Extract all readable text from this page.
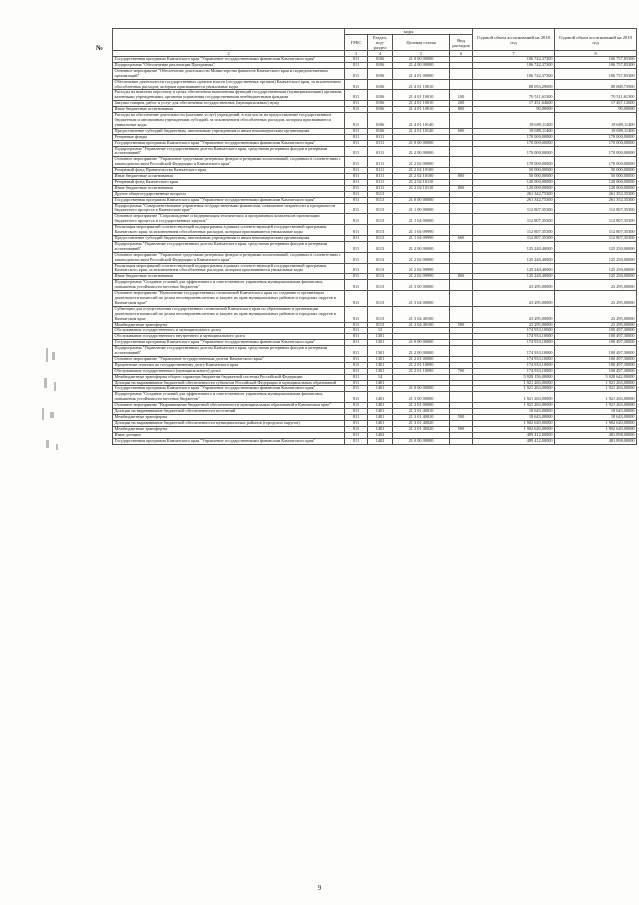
№
	коды				Годовой объем ассигнований на 2018 год	Годовой объем ассигнований на 2019 год
	ГРБС	Раздел, под-раздел	Целевая статья	Вид расходов		
2	3	4	5	6	7	8
Государственная программа Камчатского края "Управление государственными финансами Камчатского края"	811	0106	21 0 00 00000		106 742,37300	106 757,85300
Подпрограмма "Обеспечение реализации Программы"	811	0106	21 4 00 00000		106 742,37300	106 757,85300
Основное мероприятие "Обеспечение деятельности Министерства финансов Камчатского края и подведомственных организаций"	811	0106	21 4 01 00000		106 742,37300	106 757,85300
Обеспечение деятельности государственных органов власти (государственных органов) Камчатского края, за исключением обособленных расходов, которым присваиваются уникальные коды	811	0106	21 4 01 10010		88 053,29000	88 068,73900
Расходы на выплаты персоналу в целях обеспечения выполнения функций государственными (муниципальными) органами, казенными учреждениями, органами управления государственными внебюджетными фондами	811	0106	21 4 01 10010	100	70 511,61300	70 511,61300
Закупка товаров, работ и услуг для обеспечения государственных (муниципальных) нужд	811	0106	21 4 01 10010	200	17 451,64600	17 467,12600
Иные бюджетные ассигнования	811	0106	21 4 01 10010	800	90,00000	90,00000
Расходы на обеспечение деятельности (оказание услуг) учреждений, в том числе на предоставление государственным бюджетным и автономным учреждениям субсидий, за исключением обособленных расходов, которым присваиваются уникальные коды	811	0106	21 4 01 10140		18 689,11400	18 689,11400
Предоставление субсидий бюджетным, автономным учреждениям и иным некоммерческим организациям	811	0106	21 4 01 10140	600	18 689,11400	18 689,11400
Резервные фонды	811	0111			170 000,00000	170 000,00000
Государственная программа Камчатского края "Управление государственными финансами Камчатского края"	811	0111	21 0 00 00000		170 000,00000	170 000,00000
Подпрограмма "Управление государственным долгом Камчатского края, средствами резервных фондов и резервами ассигнований"	811	0111	21 2 00 00000		170 000,00000	170 000,00000
Основное мероприятие "Управление средствами резервных фондов и резервами ассигнований, созданных в соответствии с законодательством Российской Федерации и Камчатского края"	811	0111	21 2 02 00000		170 000,00000	170 000,00000
Резервный фонд Правительства Камчатского края	811	0111	21 2 02 10100		50 000,00000	50 000,00000
Иные бюджетные ассигнования	811	0111	21 2 02 10100	800	50 000,00000	50 000,00000
Резервный фонд Камчатского края	811	0111	21 2 02 10110		120 000,00000	120 000,00000
Иные бюджетные ассигнования	811	0111	21 2 02 10110	800	120 000,00000	120 000,00000
Другие общегосударственные вопросы	811	0113			261 342,75300	261 352,35300
Государственная программа Камчатского края "Управление государственными финансами Камчатского края"	811	0113	21 0 00 00000		261 342,75300	261 352,35300
Подпрограмма "Совершенствование управления государственными финансами, повышение открытости и прозрачности бюджетного процесса в Камчатском крае"	811	0113	21 1 00 00000		112 807,35300	112 807,35300
Основное мероприятие "Сопровождение и модернизация технических и программных комплексов организации бюджетного процесса и государственных закупок"	811	0113	21 1 04 00000		112 807,35300	112 807,35300
Реализация мероприятий соответствующей подпрограммы в рамках соответствующей государственной программы Камчатского края, за исключением обособленных расходов, которым присваиваются уникальные коды	811	0113	21 1 04 09990		112 807,35300	112 807,35300
Предоставление субсидий бюджетным, автономным учреждениям и иным некоммерческим организациям	811	0113	21 1 04 09990	600	112 807,35300	112 807,35300
Подпрограмма "Управление государственным долгом Камчатского края, средствами резервных фондов и резервами ассигнований"	811	0113	21 2 00 00000		125 240,40000	125 250,00000
Основное мероприятие "Управление средствами резервных фондов и резервами ассигнований, созданных в соответствии с законодательством Российской Федерации и Камчатского края"	811	0113	21 2 02 00000		125 240,40000	125 250,00000
Реализация мероприятий соответствующей подпрограммы в рамках соответствующей государственной программы Камчатского края, за исключением обособленных расходов, которым присваиваются уникальные коды	811	0113	21 2 02 09990		125 240,40000	125 250,00000
Иные бюджетные ассигнования	811	0113	21 2 02 09990	800	125 240,40000	125 250,00000
Подпрограмма "Создание условий для эффективного и ответственного управления муниципальными финансами, повышения устойчивости местных бюджетов"	811	0113	21 3 00 00000		23 295,00000	23 295,00000
Основное мероприятие "Выполнение государственных полномочий Камчатского края по созданию и организации деятельности комиссий по делам несовершеннолетних и защите их прав муниципальных районов и городских округов в Камчатском крае"	811	0113	21 3 04 00000		23 295,00000	23 295,00000
Субвенции для осуществления государственных полномочий Камчатского края по образованию и организации деятельности комиссий по делам несовершеннолетних и защите их прав муниципальных районов и городских округов в Камчатском крае	811	0113	21 3 04 40100		23 295,00000	23 295,00000
Межбюджетные трансферты	811	0113	21 3 04 40100	500	23 295,00000	23 295,00000
Обслуживание государственного и муниципального долга	811	13			174 933,10000	100 497,30000
Обслуживание государственного внутреннего и муниципального долга	811	1301			174 933,10000	100 497,30000
Государственная программа Камчатского края "Управление государственными финансами Камчатского края"	811	1301	21 0 00 00000		174 933,10000	100 497,30000
Подпрограмма "Управление государственным долгом Камчатского края, средствами резервных фондов и резервами ассигнований"	811	1301	21 2 00 00000		174 933,10000	100 497,30000
Основное мероприятие "Управление государственным долгом Камчатского края"	811	1301	21 2 01 00000		174 933,10000	100 497,30000
Процентные платежи по государственному долгу Камчатского края	811	1301	21 2 01 10090		174 933,10000	100 497,30000
Обслуживание государственного (муниципального) долга	811	1301	21 2 01 10090	700	174 933,10000	100 497,30000
Межбюджетные трансферты общего характера бюджетам бюджетной системы Российской Федерации	811	14			5 928 156,00000	5 020 642,00000
Дотации на выравнивание бюджетной обеспеченности субъектов Российской Федерации и муниципальных образований	811	1401			1 921 263,00000	1 921 263,00000
Государственная программа Камчатского края "Управление государственными финансами Камчатского края"	811	1401	21 0 00 00000		1 921 263,00000	1 921 263,00000
Подпрограмма "Создание условий для эффективного и ответственного управления муниципальными финансами, повышения устойчивости местных бюджетов"	811	1401	21 3 00 00000		1 921 263,00000	1 921 263,00000
Основное мероприятие "Выравнивание бюджетной обеспеченности муниципальных образований в Камчатском крае"	811	1401	21 3 01 00000		1 921 263,00000	1 921 263,00000
Дотации на выравнивание бюджетной обеспеченности поселений	811	1401	21 3 01 40010		18 643,00000	18 643,00000
Межбюджетные трансферты	811	1401	21 3 01 40010	500	18 643,00000	18 643,00000
Дотации на выравнивание бюджетной обеспеченности муниципальных районов (городских округов)	811	1401	21 3 01 40020		1 902 620,00000	1 902 620,00000
Межбюджетные трансферты	811	1401	21 3 01 40020	500	1 902 620,00000	1 902 620,00000
Иные дотации	811	1402			489 412,00000	481 898,00000
Государственная программа Камчатского края "Управление государственными финансами Камчатского края"	811	1402	21 0 00 00000		489 412,00000	481 898,00000
9
